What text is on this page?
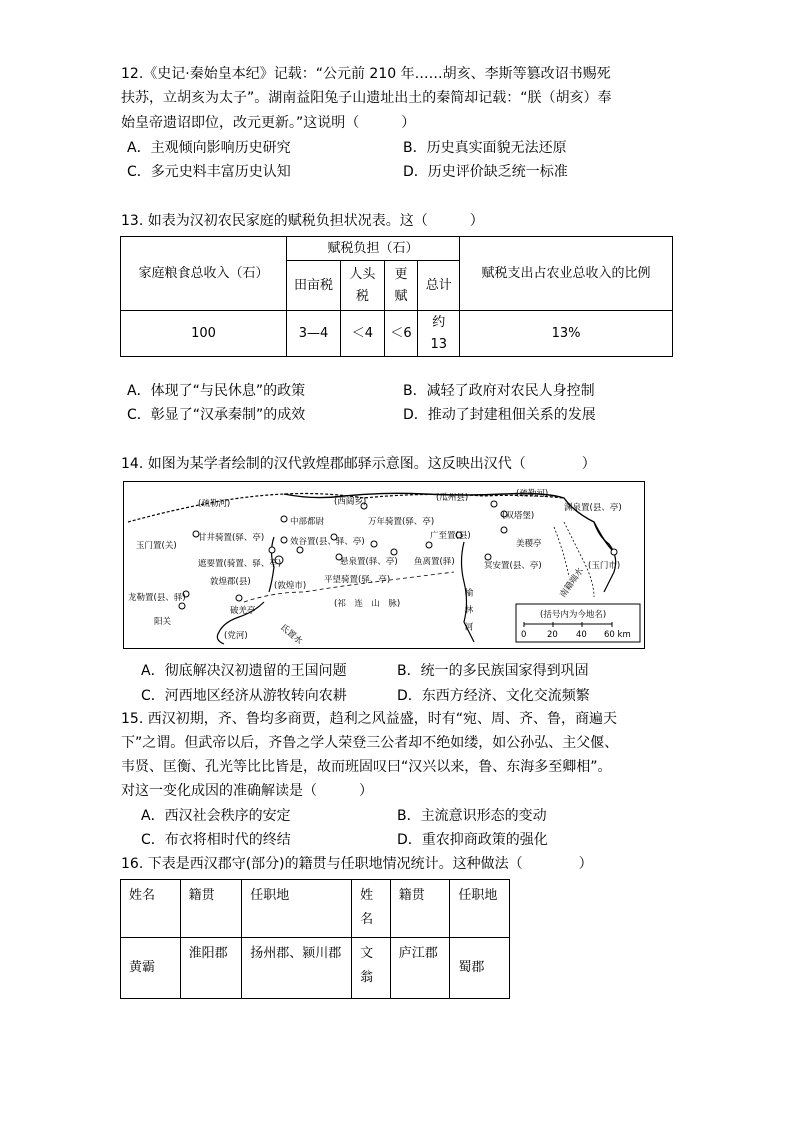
12.《史记·秦始皇本纪》记载：“公元前 210 年……胡亥、李斯等篡改诏书赐死
扶苏，立胡亥为太子”。湖南益阳兔子山遗址出土的秦简却记载：“朕（胡亥）奉
始皇帝遗诏即位，改元更新。”这说明（　　　）
A．主观倾向影响历史研究	B．历史真实面貌无法还原
C．多元史料丰富历史认知	D．历史评价缺乏统一标准
13. 如表为汉初农民家庭的赋税负担状况表。这（　　　）
家庭粮食总收入（石）	赋税负担（石）				赋税支出占农业总收入的比例
	田亩税	人头税	更赋	总计	
100	3—4	＜4	＜6	约13	13%
A．体现了“与民休息”的政策	B．减轻了政府对农民人身控制
C．彰显了“汉承秦制”的成效	D．推动了封建租佃关系的发展
14. 如图为某学者绘制的汉代敦煌郡邮驿示意图。这反映出汉代（　　　　）
(疏勒河)	(西阔乡)	(瓜州县)	(疏勒河)
渊泉置(县、亭)
中部都尉	万年骑置(驿、亭)
(双塔堡)
玉门置(关)
甘井骑置(驿、亭)	效谷置(县、驿、亭)
广至置(县)
美稷亭
(玉门市)
遮要置(骑置、驿、亭)	悬泉置(驿、亭) 鱼离置(驿)	冥安置(县、亭)
敦煌郡(县)	(敦煌市)
平望骑置(驿、亭)
(祁　连　山　脉)
龙勒置(县、驿)
破羌亭
阳关
南籍端水
氐置水
(党河)
榆　林　河	(括号内为今地名)
0 20 40 60 km
A．彻底解决汉初遗留的王国问题	B．统一的多民族国家得到巩固
C．河西地区经济从游牧转向农耕	D．东西方经济、文化交流频繁
15. 西汉初期，齐、鲁均多商贾，趋利之风益盛，时有“宛、周、齐、鲁，商遍天
下”之谓。但武帝以后，齐鲁之学人荣登三公者却不绝如缕，如公孙弘、主父偃、
韦贤、匡衡、孔光等比比皆是，故而班固叹曰“汉兴以来，鲁、东海多至卿相”。
对这一变化成因的准确解读是（　　　）
A．西汉社会秩序的安定	B．主流意识形态的变动
C．布衣将相时代的终结	D．重农抑商政策的强化
16. 下表是西汉郡守(部分)的籍贯与任职地情况统计。这种做法（　　　　）
姓名	籍贯	任职地	姓名	籍贯	任职地
黄霸	淮阳郡	扬州郡、颍川郡	文翁	庐江郡	蜀郡
